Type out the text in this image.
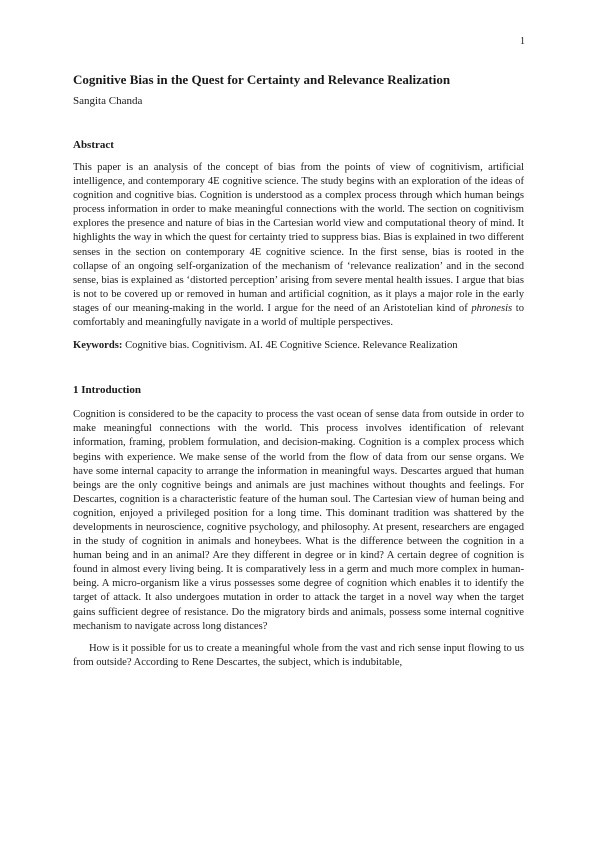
1
Cognitive Bias in the Quest for Certainty and Relevance Realization

Sangita Chanda

Abstract

This paper is an analysis of the concept of bias from the points of view of cognitivism, artificial intelligence, and contemporary 4E cognitive science. The study begins with an exploration of the ideas of cognition and cognitive bias. Cognition is understood as a complex process through which human beings process information in order to make meaningful connections with the world. The section on cognitivism explores the presence and nature of bias in the Cartesian world view and computational theory of mind. It highlights the way in which the quest for certainty tried to suppress bias. Bias is explained in two different senses in the section on contemporary 4E cognitive science. In the first sense, bias is rooted in the collapse of an ongoing self-organization of the mechanism of ‘relevance realization’ and in the second sense, bias is explained as ‘distorted perception’ arising from severe mental health issues. I argue that bias is not to be covered up or removed in human and artificial cognition, as it plays a major role in the early stages of our meaning-making in the world. I argue for the need of an Aristotelian kind of phronesis to comfortably and meaningfully navigate in a world of multiple perspectives.

Keywords: Cognitive bias. Cognitivism. AI. 4E Cognitive Science. Relevance Realization

1 Introduction

Cognition is considered to be the capacity to process the vast ocean of sense data from outside in order to make meaningful connections with the world. This process involves identification of relevant information, framing, problem formulation, and decision-making. Cognition is a complex process which begins with experience. We make sense of the world from the flow of data from our sense organs. We have some internal capacity to arrange the information in meaningful ways. Descartes argued that human beings are the only cognitive beings and animals are just machines without thoughts and feelings. For Descartes, cognition is a characteristic feature of the human soul. The Cartesian view of human being and cognition, enjoyed a privileged position for a long time. This dominant tradition was shattered by the developments in neuroscience, cognitive psychology, and philosophy. At present, researchers are engaged in the study of cognition in animals and honeybees. What is the difference between the cognition in a human being and in an animal? Are they different in degree or in kind? A certain degree of cognition is found in almost every living being. It is comparatively less in a germ and much more complex in human-being. A micro-organism like a virus possesses some degree of cognition which enables it to identify the target of attack. It also undergoes mutation in order to attack the target in a novel way when the target gains sufficient degree of resistance. Do the migratory birds and animals, possess some internal cognitive mechanism to navigate across long distances?

How is it possible for us to create a meaningful whole from the vast and rich sense input flowing to us from outside? According to Rene Descartes, the subject, which is indubitable,
